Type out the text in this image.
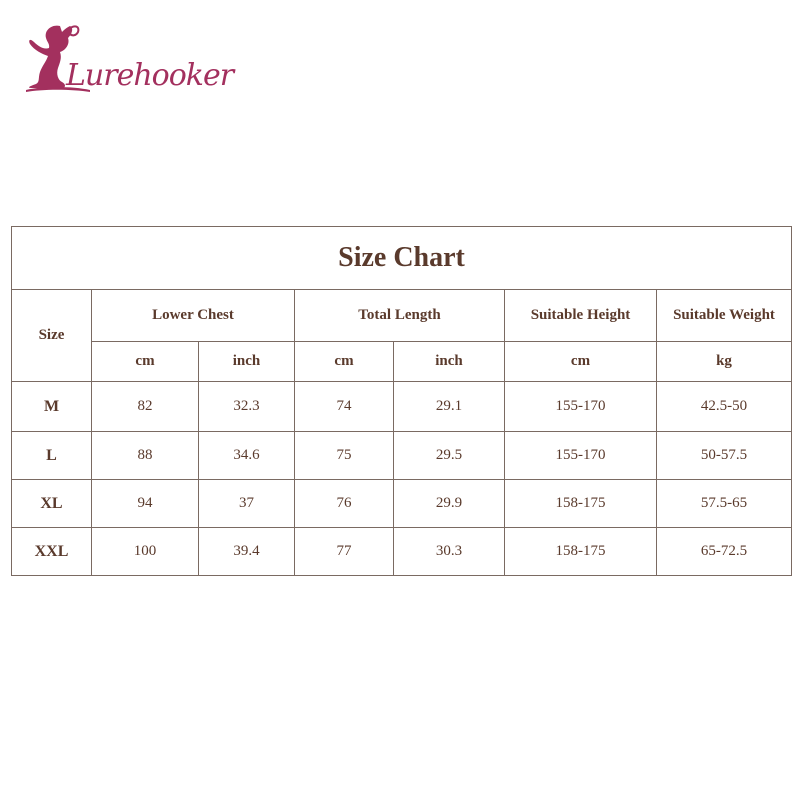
Lurehooker
Size Chart						
Size	Lower Chest		Total Length		Suitable Height	Suitable Weight
	cm	inch	cm	inch	cm	kg
M	82	32.3	74	29.1	155-170	42.5-50
L	88	34.6	75	29.5	155-170	50-57.5
XL	94	37	76	29.9	158-175	57.5-65
XXL	100	39.4	77	30.3	158-175	65-72.5
